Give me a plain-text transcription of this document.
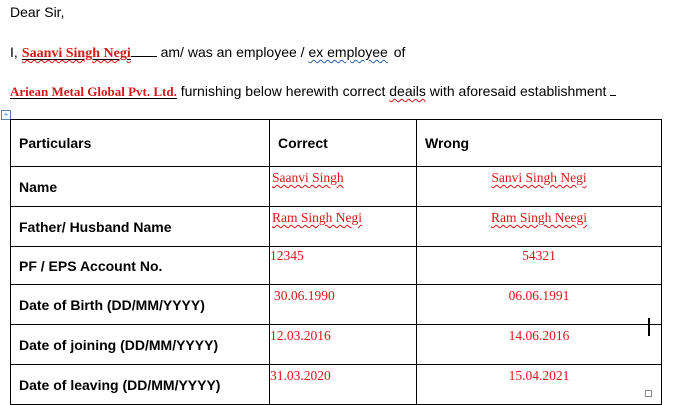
Dear Sir,
I, Saanvi Singh Negi am/ was an employee / ex employee of
Ariean Metal Global Pvt. Ltd. furnishing below herewith correct deails with aforesaid establishment
+
Particulars	Correct	Wrong
Name	Saanvi Singh	Sanvi Singh Negi
Father/ Husband Name	Ram Singh Negi	Ram Singh Neegi
PF / EPS Account No.	12345	54321
Date of Birth (DD/MM/YYYY)	30.06.1990	06.06.1991
Date of joining (DD/MM/YYYY)	12.03.2016	14.06.2016
Date of leaving (DD/MM/YYYY)	31.03.2020	15.04.2021
